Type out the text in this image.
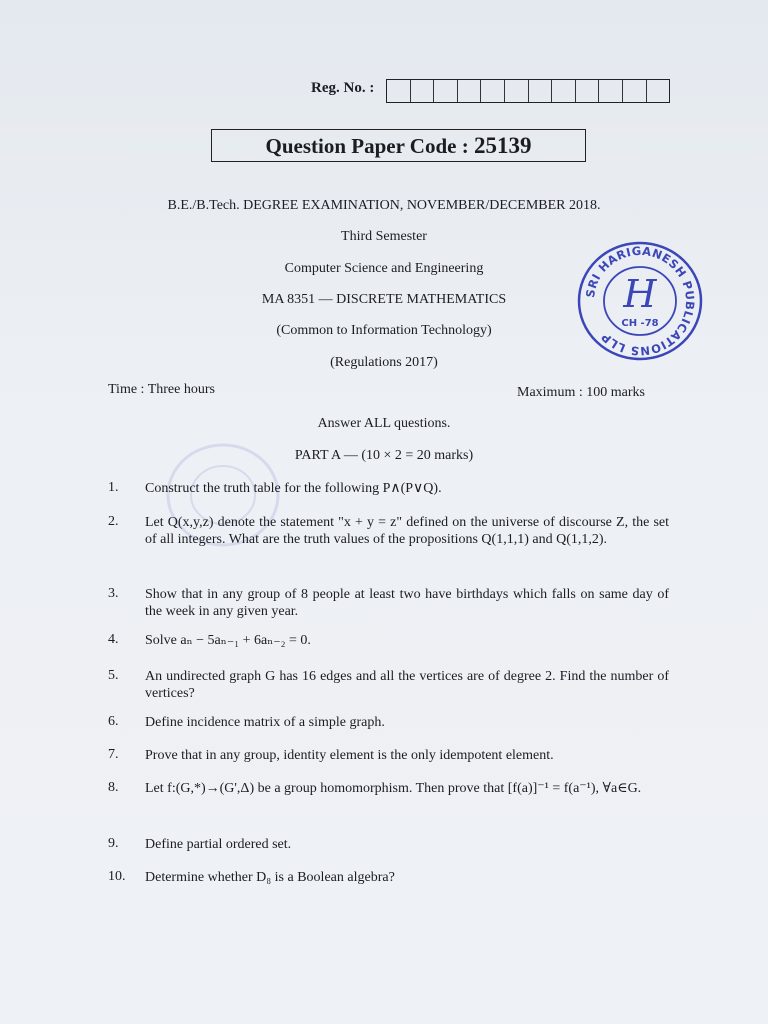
Reg. No. :
Question Paper Code : 25139
B.E./B.Tech. DEGREE EXAMINATION, NOVEMBER/DECEMBER 2018.
Third Semester
Computer Science and Engineering
MA 8351 — DISCRETE MATHEMATICS
(Common to Information Technology)
(Regulations 2017)
Time : Three hours	Maximum : 100 marks
Answer ALL questions.
PART A — (10 × 2 = 20 marks)
SRI HARIGANESH PUBLICATIONS LLP
H
CH -78
1. Construct the truth table for the following P∧(P∨Q).
2. Let Q(x,y,z) denote the statement "x + y = z" defined on the universe of discourse Z, the set of all integers. What are the truth values of the propositions Q(1,1,1) and Q(1,1,2).
3. Show that in any group of 8 people at least two have birthdays which falls on same day of the week in any given year.
4. Solve aₙ − 5aₙ₋₁ + 6aₙ₋₂ = 0.
5. An undirected graph G has 16 edges and all the vertices are of degree 2. Find the number of vertices?
6. Define incidence matrix of a simple graph.
7. Prove that in any group, identity element is the only idempotent element.
8. Let f:(G,*)→(G',Δ) be a group homomorphism. Then prove that [f(a)]⁻¹ = f(a⁻¹), ∀a∈G.
9. Define partial ordered set.
10. Determine whether D₈ is a Boolean algebra?
